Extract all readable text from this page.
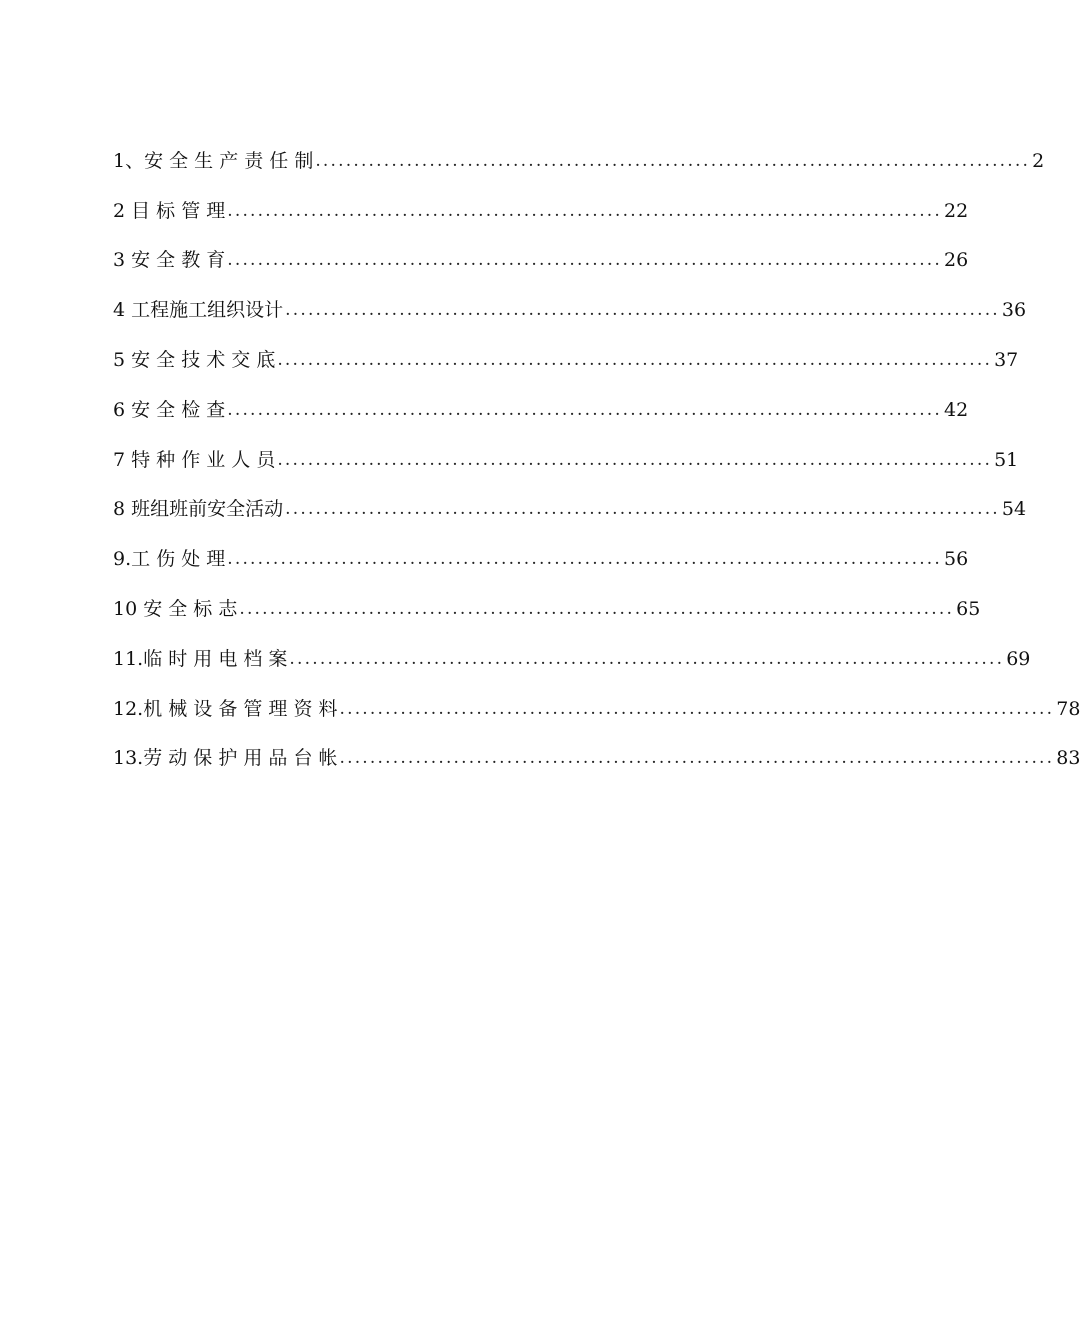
1、安 全 生 产 责 任 制 .............................................................................................. 2
2 目 标 管 理 .............................................................................................. 22
3 安 全 教 育 .............................................................................................. 26
4 工程施工组织设计 .............................................................................................. 36
5 安 全 技 术 交 底 .............................................................................................. 37
6 安 全 检 查 .............................................................................................. 42
7 特 种 作 业 人 员 .............................................................................................. 51
8 班组班前安全活动 .............................................................................................. 54
9.工 伤 处 理 .............................................................................................. 56
10 安 全 标 志 .............................................................................................. 65
11.临 时 用 电 档 案 .............................................................................................. 69
12.机 械 设 备 管 理 资 料 .............................................................................................. 78
13.劳 动 保 护 用 品 台 帐 .............................................................................................. 83
